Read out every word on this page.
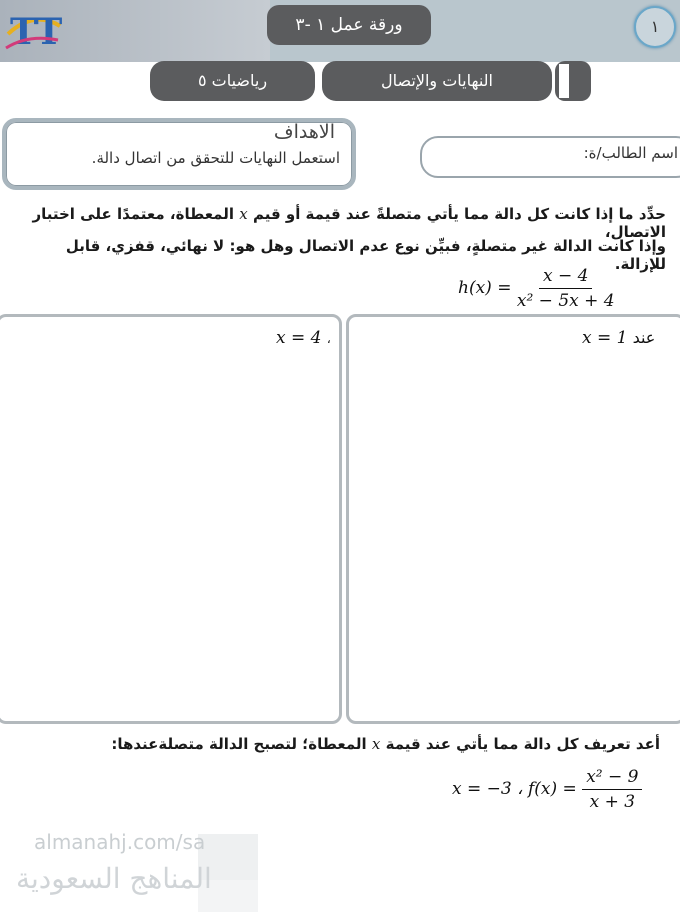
TT	ورقة عمل ١ -٣	١
رياضيات ٥	النهايات والإتصال
الاهداف
استعمل النهايات للتحقق من اتصال دالة.	اسم الطالب/ة:
حدِّد ما إذا كانت كل دالة مما يأتي متصلةً عند قيمة أو قيم x المعطاة، معتمدًا على اختبار الاتصال،
وإذا كانت الدالة غير متصلةٍ، فبيِّن نوع عدم الاتصال وهل هو: لا نهائي، قفزي، قابل للإزالة.
$h(x) = \frac{x - 4}{\text{x² − 5x + 4}}$
x = 4 ،	x = 1 عند
أعد تعريف كل دالة مما يأتي عند قيمة x المعطاة؛ لتصبح الدالة متصلةعندها:
x = −3 ، $f(x) = \frac{\text{x² − 9}}{x + 3}$
almanahj.com/sa
المناهج السعودية
